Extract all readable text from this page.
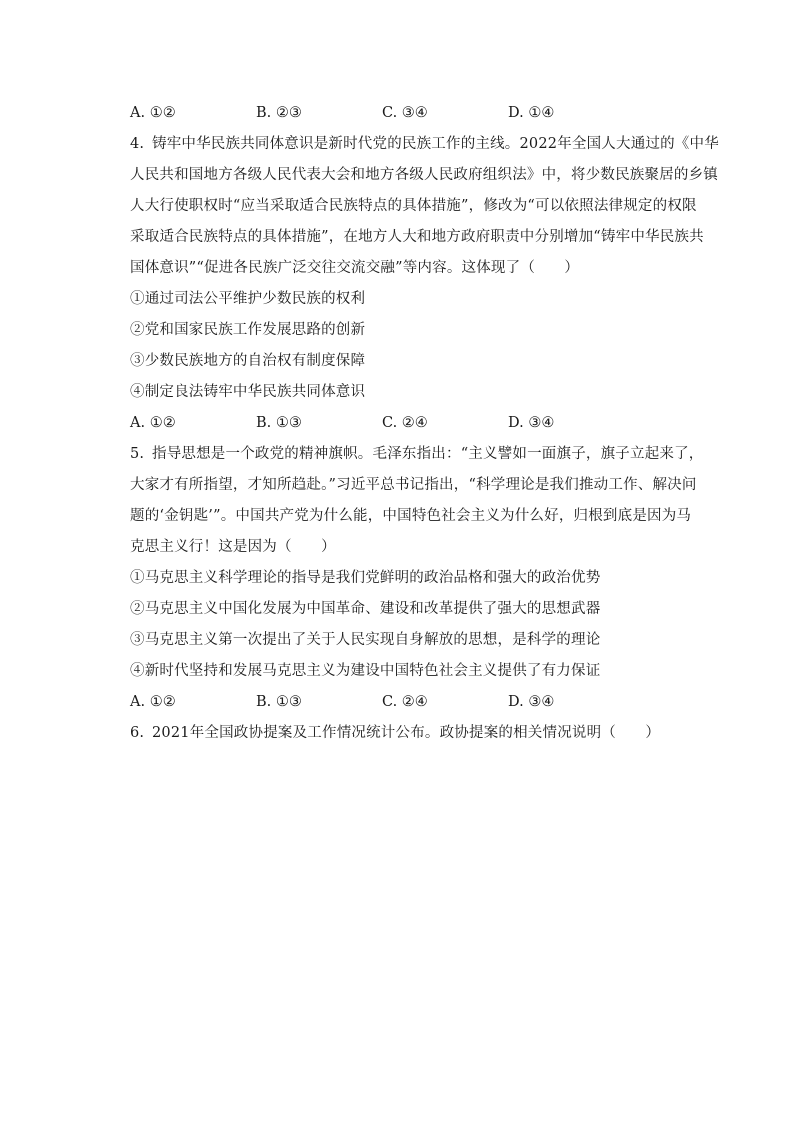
A. ①②	B. ②③	C. ③④	D. ①④
4. 铸牢中华民族共同体意识是新时代党的民族工作的主线。2022年全国人大通过的《中华
人民共和国地方各级人民代表大会和地方各级人民政府组织法》中，将少数民族聚居的乡镇
人大行使职权时“应当采取适合民族特点的具体措施”，修改为“可以依照法律规定的权限
采取适合民族特点的具体措施”，在地方人大和地方政府职责中分别增加“铸牢中华民族共
国体意识”“促进各民族广泛交往交流交融”等内容。这体现了（　　）
①通过司法公平维护少数民族的权利
②党和国家民族工作发展思路的创新
③少数民族地方的自治权有制度保障
④制定良法铸牢中华民族共同体意识
A. ①②	B. ①③	C. ②④	D. ③④
5. 指导思想是一个政党的精神旗帜。毛泽东指出：“主义譬如一面旗子，旗子立起来了，
大家才有所指望，才知所趋赴。”习近平总书记指出，“科学理论是我们推动工作、解决问
题的‘金钥匙’”。中国共产党为什么能，中国特色社会主义为什么好，归根到底是因为马
克思主义行！这是因为（　　）
①马克思主义科学理论的指导是我们党鲜明的政治品格和强大的政治优势
②马克思主义中国化发展为中国革命、建设和改革提供了强大的思想武器
③马克思主义第一次提出了关于人民实现自身解放的思想，是科学的理论
④新时代坚持和发展马克思主义为建设中国特色社会主义提供了有力保证
A. ①②	B. ①③	C. ②④	D. ③④
6. 2021年全国政协提案及工作情况统计公布。政协提案的相关情况说明（　　）
